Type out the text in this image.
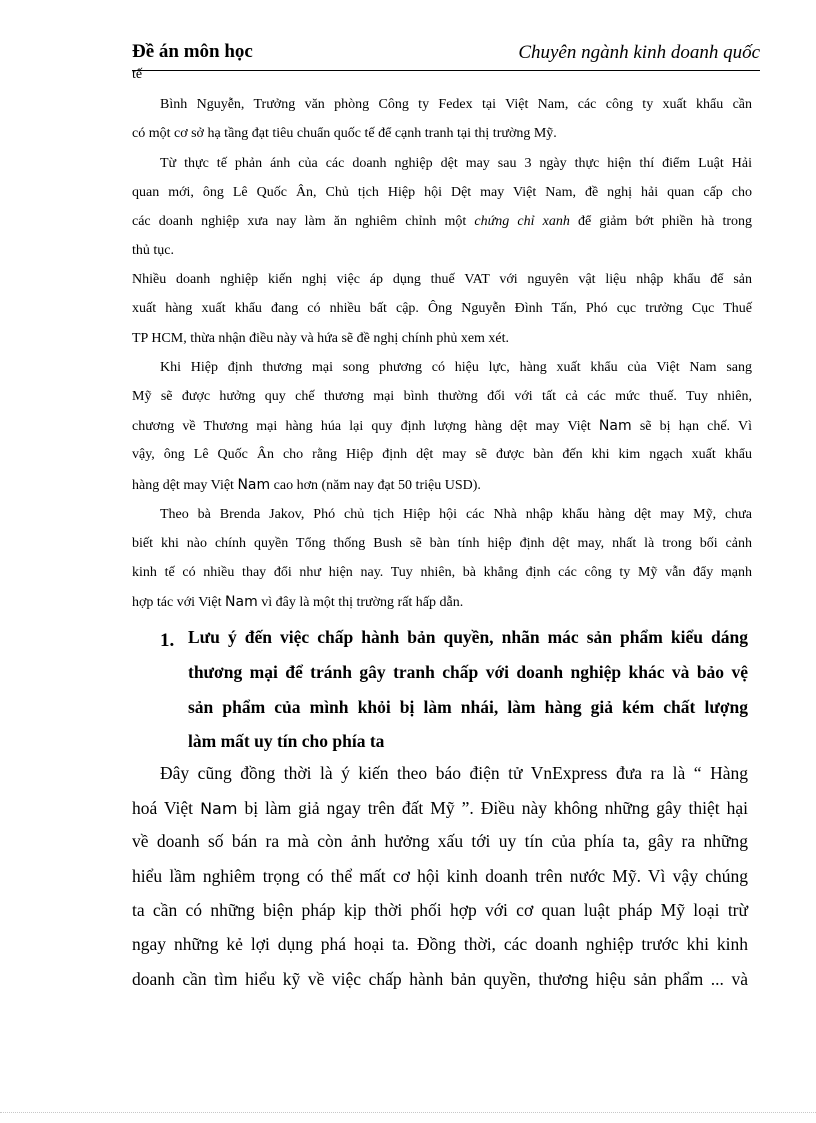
Đề án môn học	Chuyên ngành kinh doanh quốc
tế
Bình Nguyễn, Trưởng văn phòng Công ty Fedex tại Việt Nam, các công ty xuất khẩu cần
có một cơ sở hạ tầng đạt tiêu chuẩn quốc tế để cạnh tranh tại thị trường Mỹ.
Từ thực tế phản ánh của các doanh nghiệp dệt may sau 3 ngày thực hiện thí điểm Luật Hải
quan mới, ông Lê Quốc Ân, Chủ tịch Hiệp hội Dệt may Việt Nam, đề nghị hải quan cấp cho
các doanh nghiệp xưa nay làm ăn nghiêm chỉnh một chứng chỉ xanh để giảm bớt phiền hà trong
thủ tục.
Nhiều doanh nghiệp kiến nghị việc áp dụng thuế VAT với nguyên vật liệu nhập khẩu để sản
xuất hàng xuất khẩu đang có nhiều bất cập. Ông Nguyễn Đình Tấn, Phó cục trưởng Cục Thuế
TP HCM, thừa nhận điều này và hứa sẽ đề nghị chính phủ xem xét.
Khi Hiệp định thương mại song phương có hiệu lực, hàng xuất khẩu của Việt Nam sang
Mỹ sẽ được hưởng quy chế thương mại bình thường đối với tất cả các mức thuế. Tuy nhiên,
chương về Thương mại hàng húa lại quy định lượng hàng dệt may Việt Nam sẽ bị hạn chế. Vì
vậy, ông Lê Quốc Ân cho rằng Hiệp định dệt may sẽ được bàn đến khi kim ngạch xuất khẩu
hàng dệt may Việt Nam cao hơn (năm nay đạt 50 triệu USD).
Theo bà Brenda Jakov, Phó chủ tịch Hiệp hội các Nhà nhập khẩu hàng dệt may Mỹ, chưa
biết khi nào chính quyền Tổng thống Bush sẽ bàn tính hiệp định dệt may, nhất là trong bối cảnh
kinh tế có nhiều thay đổi như hiện nay. Tuy nhiên, bà khẳng định các công ty Mỹ vẫn đẩy mạnh
hợp tác với Việt Nam vì đây là một thị trường rất hấp dẫn.
Đây cũng đồng thời là ý kiến theo báo điện tử VnExpress đưa ra là “ Hàng
hoá Việt Nam bị làm giả ngay trên đất Mỹ ”. Điều này không những gây thiệt hại
về doanh số bán ra mà còn ảnh hưởng xấu tới uy tín của phía ta, gây ra những
hiểu lầm nghiêm trọng có thể mất cơ hội kinh doanh trên nước Mỹ. Vì vậy chúng
ta cần có những biện pháp kịp thời phối hợp với cơ quan luật pháp Mỹ loại trừ
ngay những kẻ lợi dụng phá hoại ta. Đồng thời, các doanh nghiệp trước khi kinh
doanh cần tìm hiểu kỹ về việc chấp hành bản quyền, thương hiệu sản phẩm ... và
1. Lưu ý đến việc chấp hành bản quyền, nhãn mác sản phẩm kiểu dáng
thương mại để tránh gây tranh chấp với doanh nghiệp khác và bảo vệ
sản phẩm của mình khỏi bị làm nhái, làm hàng giả kém chất lượng
làm mất uy tín cho phía ta
